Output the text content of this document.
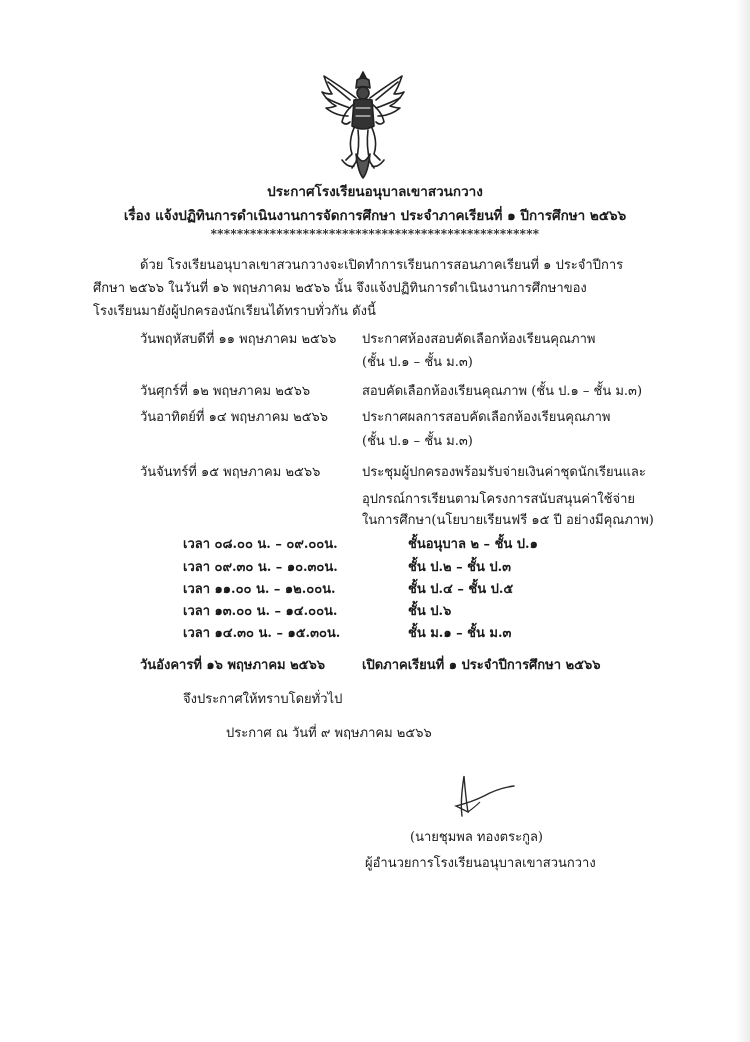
ประกาศโรงเรียนอนุบาลเขาสวนกวาง
เรื่อง แจ้งปฏิทินการดำเนินงานการจัดการศึกษา ประจำภาคเรียนที่ ๑ ปีการศึกษา ๒๕๖๖
**************************************************
ด้วย โรงเรียนอนุบาลเขาสวนกวางจะเปิดทำการเรียนการสอนภาคเรียนที่ ๑ ประจำปีการศึกษา ๒๕๖๖ ในวันที่ ๑๖ พฤษภาคม ๒๕๖๖ นั้น จึงแจ้งปฏิทินการดำเนินงานการศึกษาของโรงเรียนมายังผู้ปกครองนักเรียนได้ทราบทั่วกัน ดังนี้
วันพฤหัสบดีที่ ๑๑ พฤษภาคม ๒๕๖๖ ประกาศห้องสอบคัดเลือกห้องเรียนคุณภาพ
(ชั้น ป.๑ – ชั้น ม.๓)
วันศุกร์ที่ ๑๒ พฤษภาคม ๒๕๖๖	สอบคัดเลือกห้องเรียนคุณภาพ (ชั้น ป.๑ – ชั้น ม.๓)
วันอาทิตย์ที่ ๑๔ พฤษภาคม ๒๕๖๖	ประกาศผลการสอบคัดเลือกห้องเรียนคุณภาพ
(ชั้น ป.๑ – ชั้น ม.๓)
วันจันทร์ที่ ๑๕ พฤษภาคม ๒๕๖๖	ประชุมผู้ปกครองพร้อมรับจ่ายเงินค่าชุดนักเรียนและ
อุปกรณ์การเรียนตามโครงการสนับสนุนค่าใช้จ่าย
ในการศึกษา(นโยบายเรียนฟรี ๑๕ ปี อย่างมีคุณภาพ)
เวลา ๐๘.๐๐ น. – ๐๙.๐๐น.	ชั้นอนุบาล ๒ – ชั้น ป.๑
เวลา ๐๙.๓๐ น. – ๑๐.๓๐น.	ชั้น ป.๒ – ชั้น ป.๓
เวลา ๑๑.๐๐ น. – ๑๒.๐๐น.	ชั้น ป.๔ – ชั้น ป.๕
เวลา ๑๓.๐๐ น. – ๑๔.๐๐น.	ชั้น ป.๖
เวลา ๑๔.๓๐ น. – ๑๕.๓๐น.	ชั้น ม.๑ – ชั้น ม.๓
วันอังคารที่ ๑๖ พฤษภาคม ๒๕๖๖	เปิดภาคเรียนที่ ๑ ประจำปีการศึกษา ๒๕๖๖
จึงประกาศให้ทราบโดยทั่วไป
ประกาศ ณ วันที่ ๙ พฤษภาคม ๒๕๖๖
(นายชุมพล ทองตระกูล)
ผู้อำนวยการโรงเรียนอนุบาลเขาสวนกวาง
